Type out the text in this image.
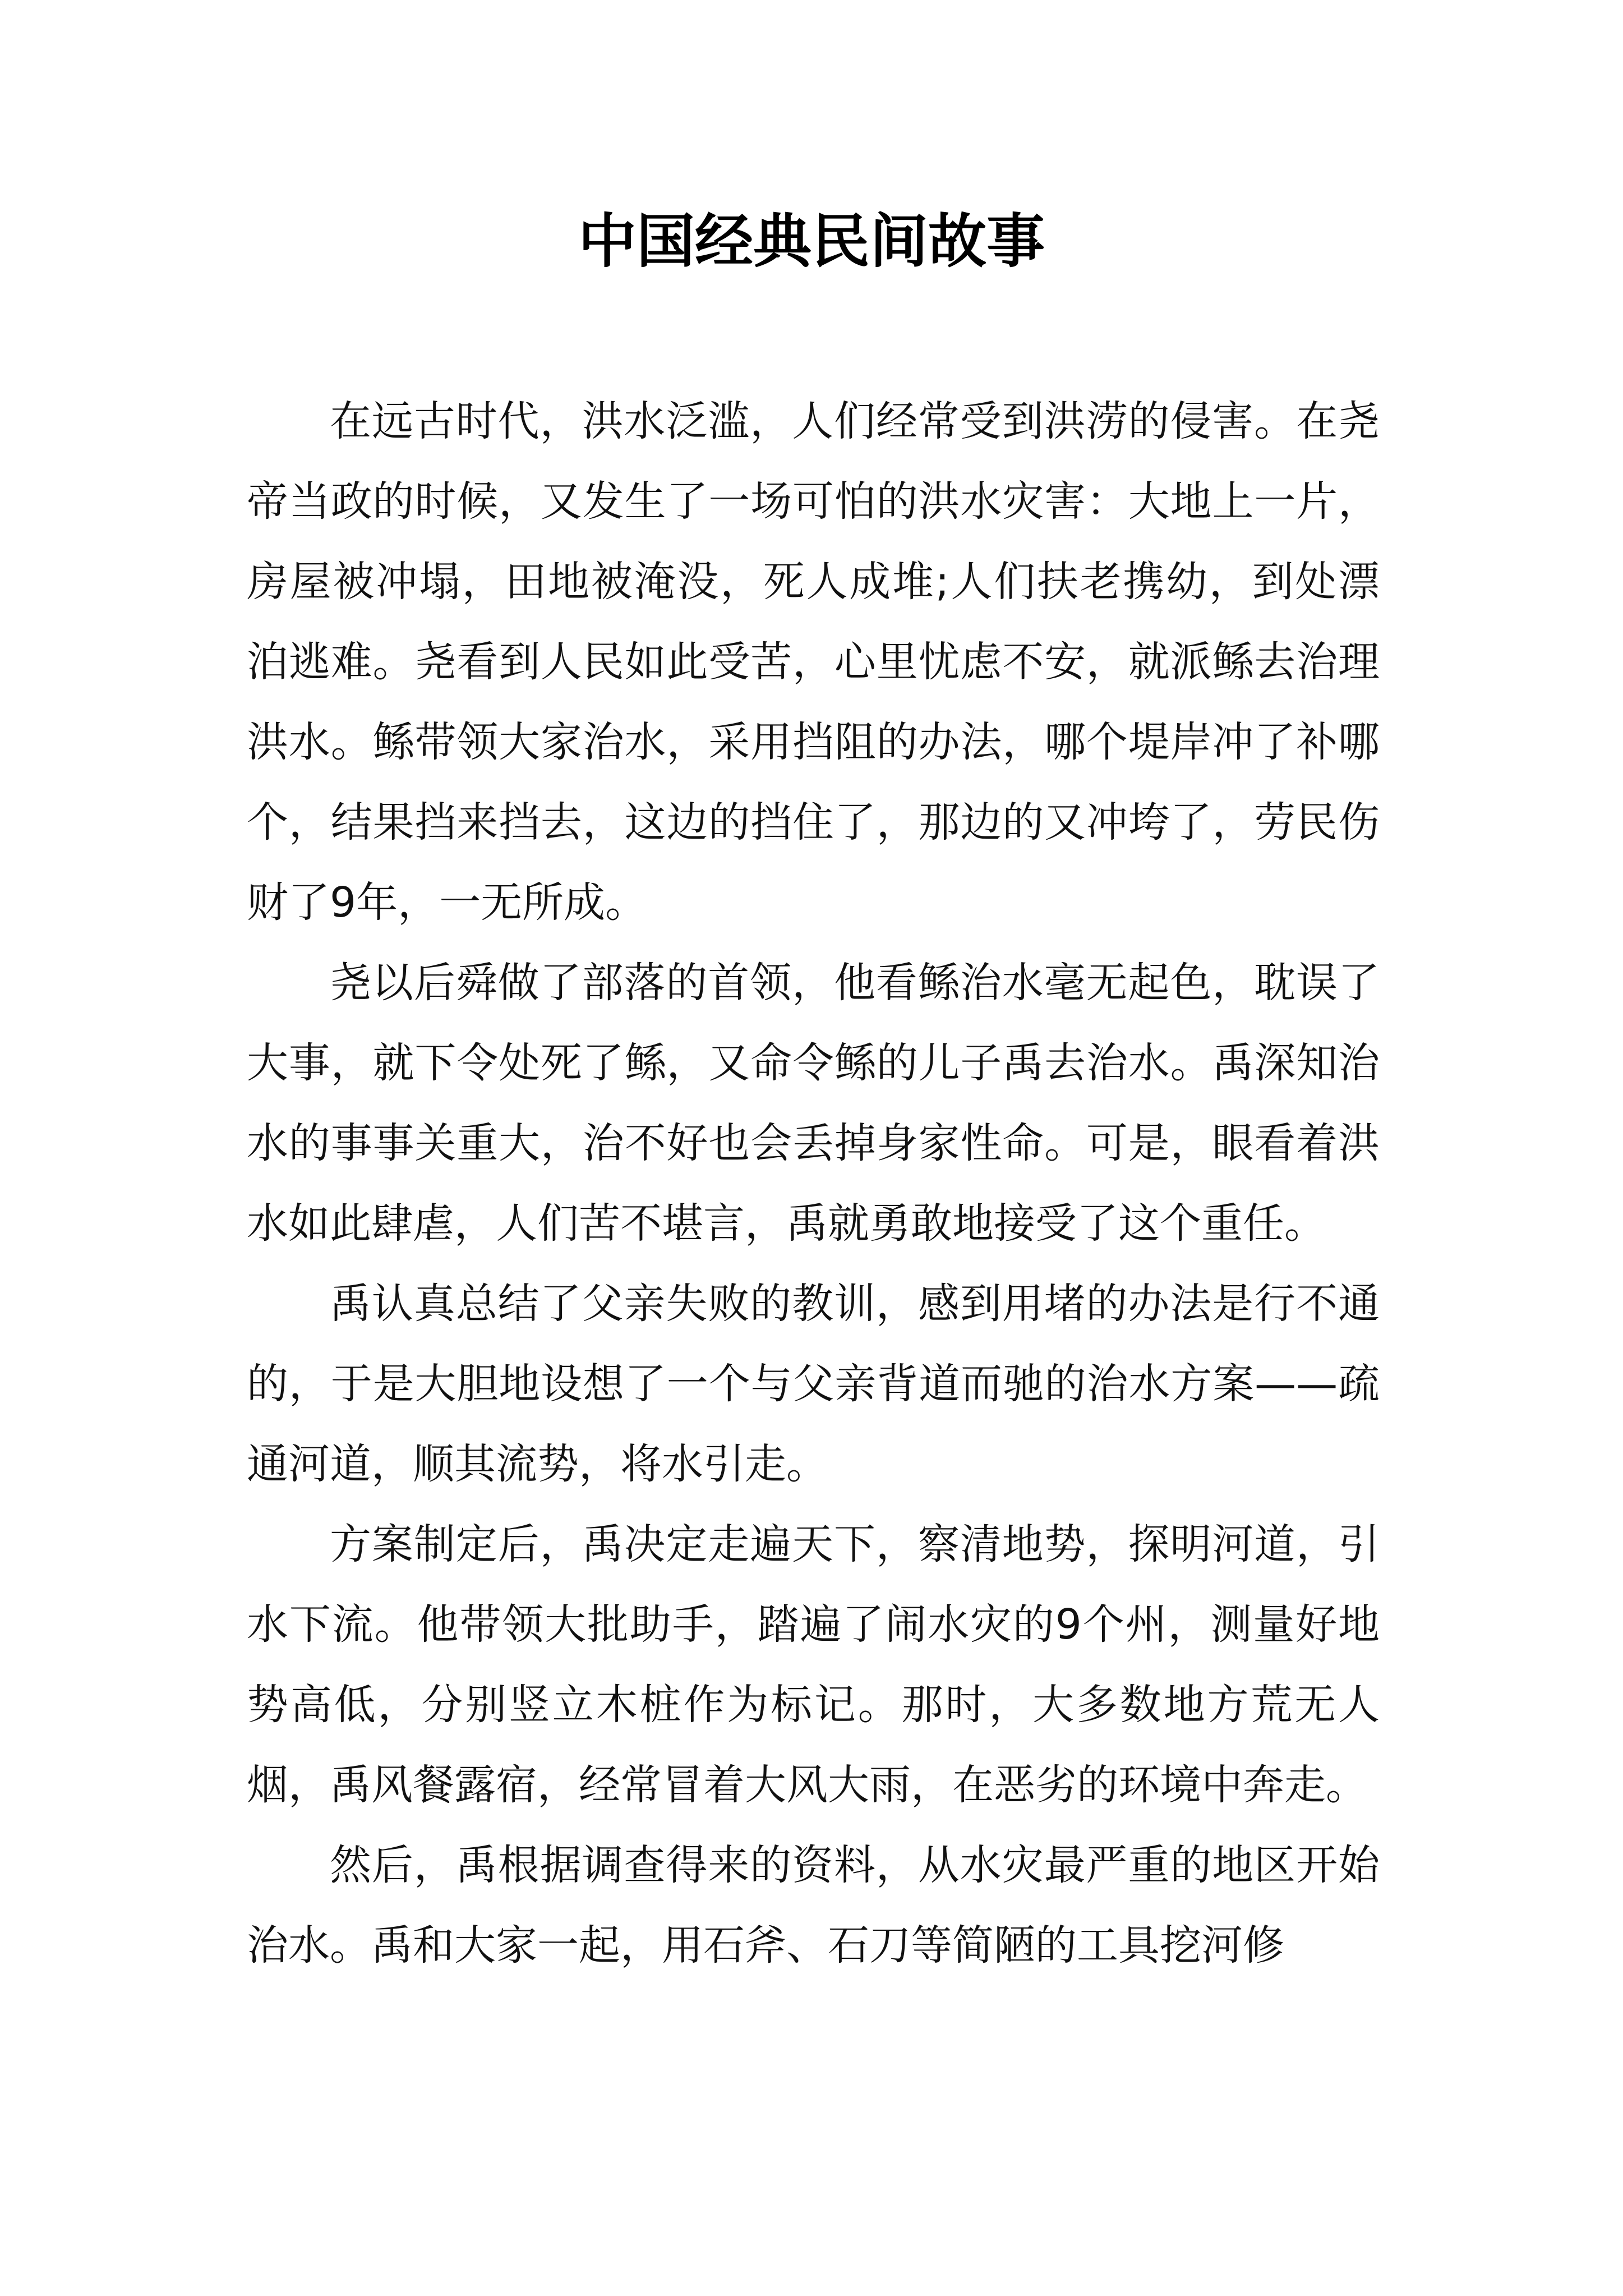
中国经典民间故事

在远古时代，洪水泛滥，人们经常受到洪涝的侵害。在尧帝当政的时候，又发生了一场可怕的洪水灾害：大地上一片，房屋被冲塌，田地被淹没，死人成堆;人们扶老携幼，到处漂泊逃难。尧看到人民如此受苦，心里忧虑不安，就派鲧去治理洪水。鲧带领大家治水，采用挡阻的办法，哪个堤岸冲了补哪个，结果挡来挡去，这边的挡住了，那边的又冲垮了，劳民伤财了9年，一无所成。

尧以后舜做了部落的首领，他看鲧治水毫无起色，耽误了大事，就下令处死了鲧，又命令鲧的儿子禹去治水。禹深知治水的事事关重大，治不好也会丢掉身家性命。可是，眼看着洪水如此肆虐，人们苦不堪言，禹就勇敢地接受了这个重任。

禹认真总结了父亲失败的教训，感到用堵的办法是行不通的，于是大胆地设想了一个与父亲背道而驰的治水方案——疏通河道，顺其流势，将水引走。

方案制定后，禹决定走遍天下，察清地势，探明河道，引水下流。他带领大批助手，踏遍了闹水灾的9个州，测量好地势高低，分别竖立木桩作为标记。那时，大多数地方荒无人烟，禹风餐露宿，经常冒着大风大雨，在恶劣的环境中奔走。

然后，禹根据调查得来的资料，从水灾最严重的地区开始治水。禹和大家一起，用石斧、石刀等简陋的工具挖河修
